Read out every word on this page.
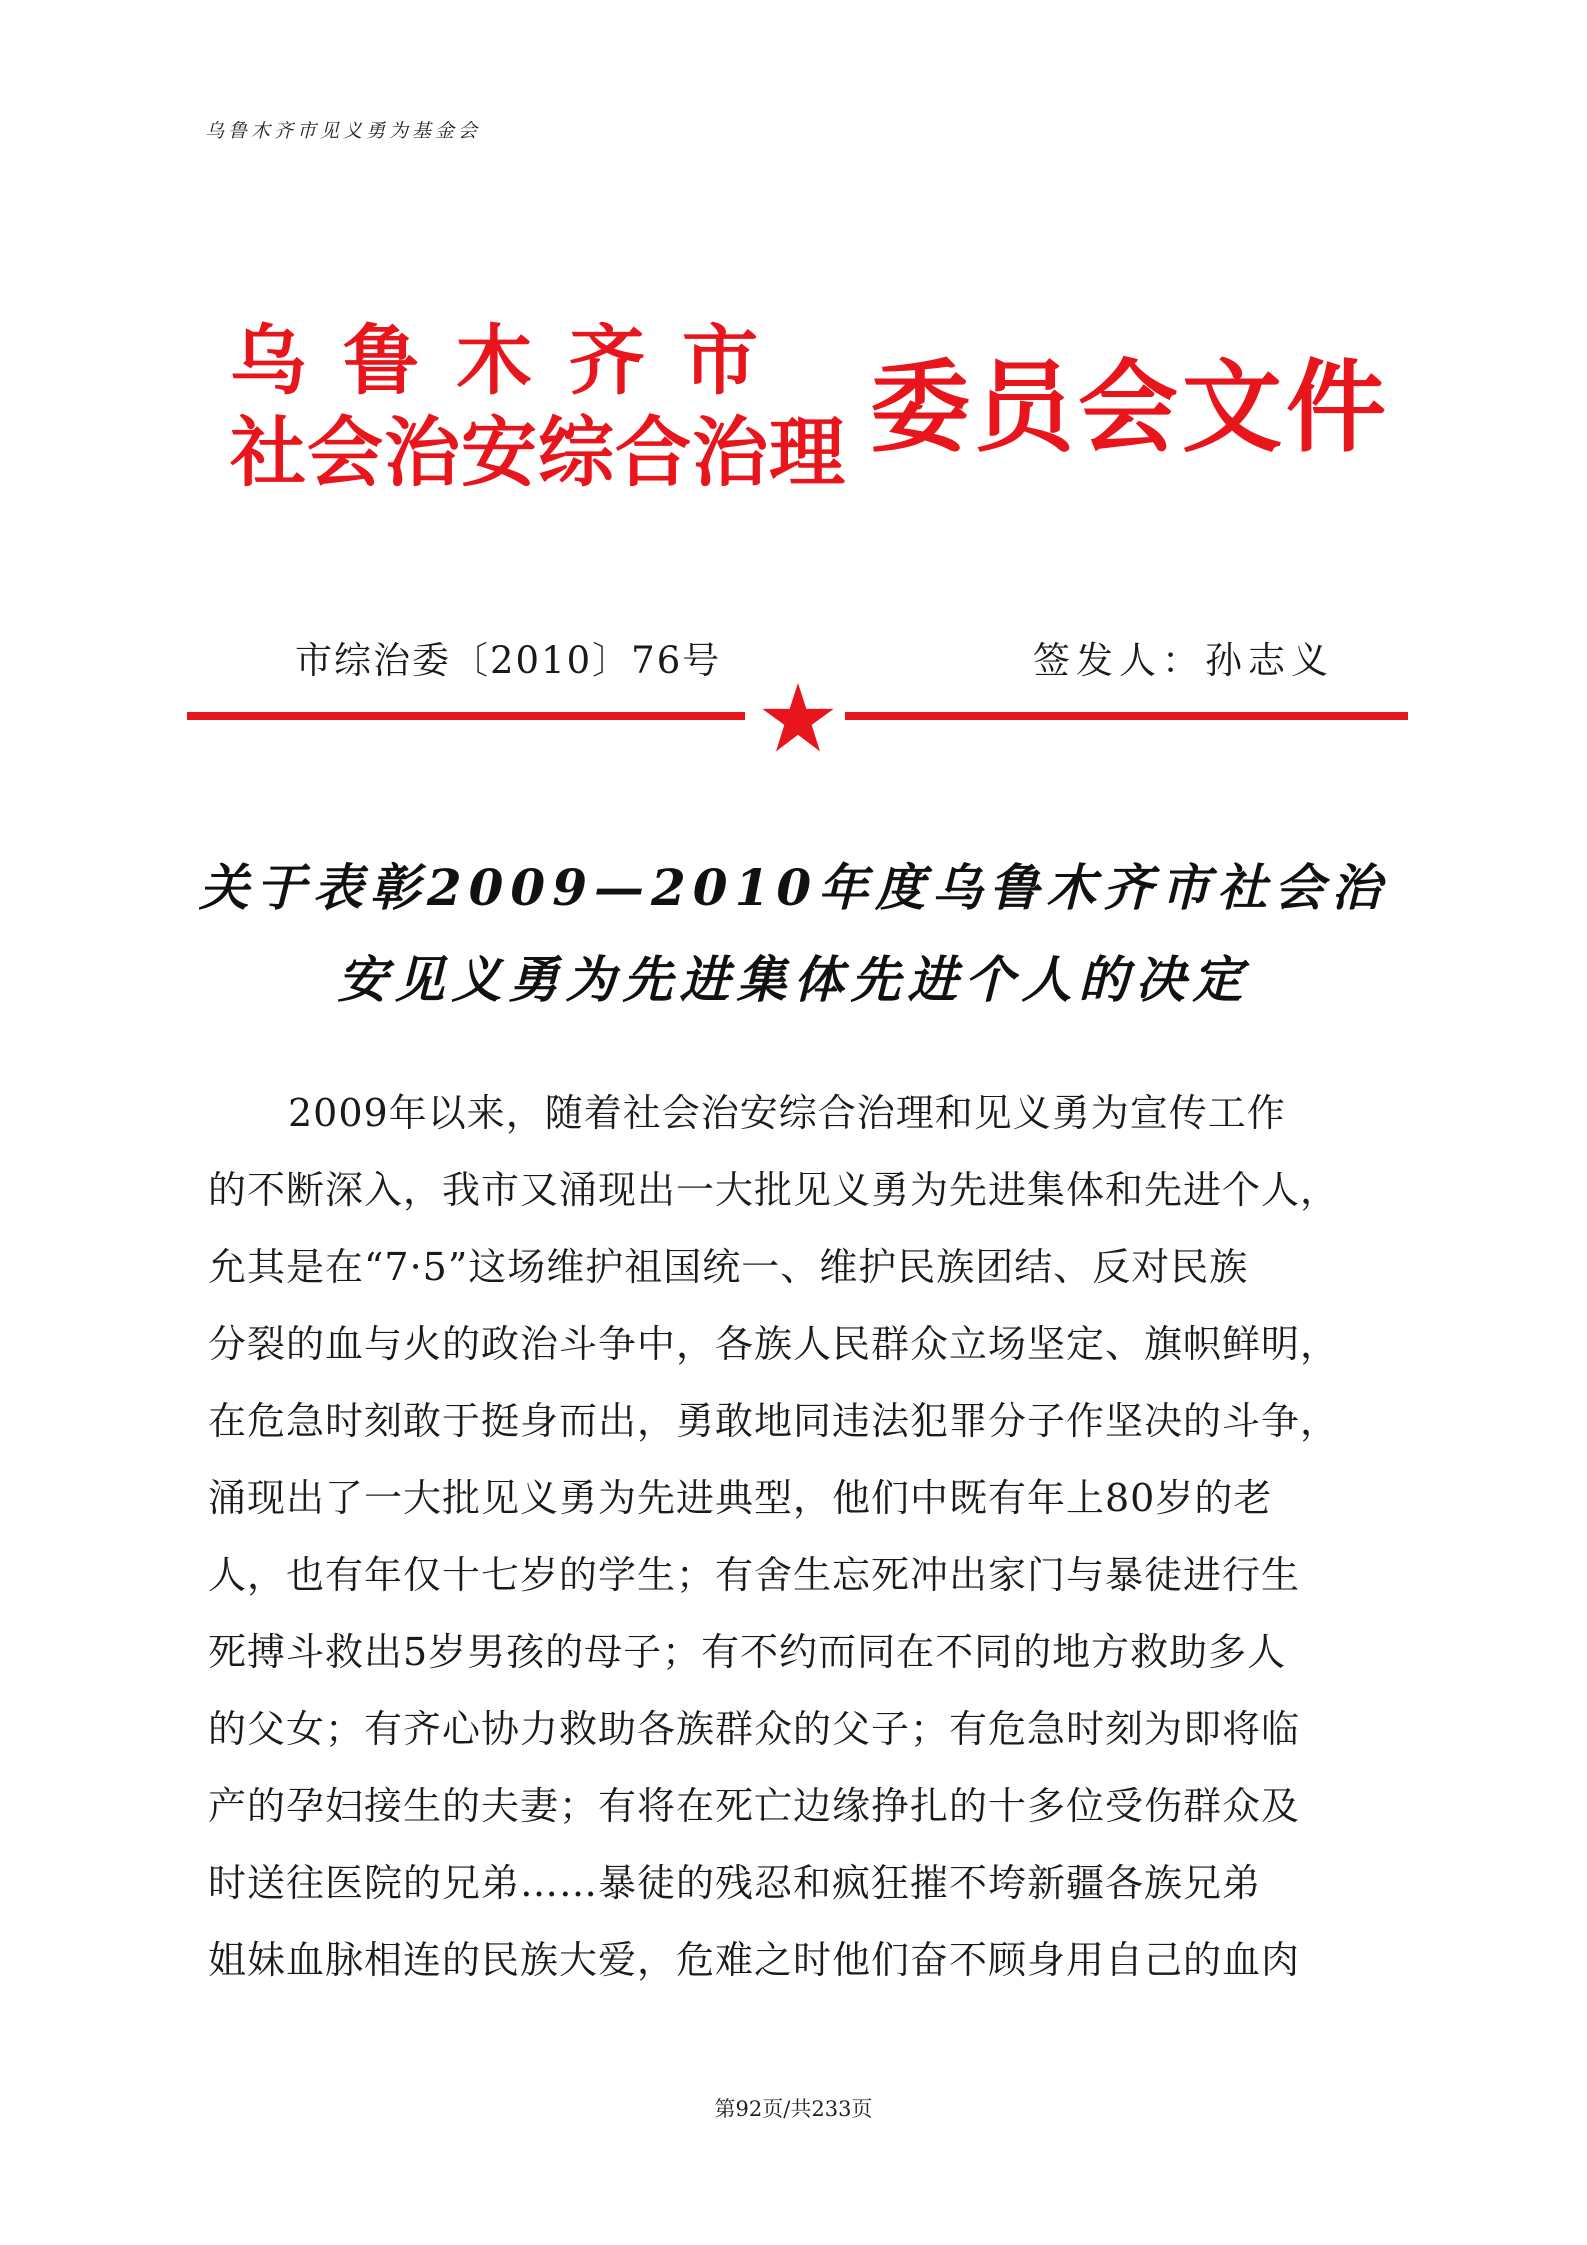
乌鲁木齐市见义勇为基金会
乌鲁木齐市
社会治安综合治理 委员会文件
市综治委〔2010〕76号	签发人：孙志义
关于表彰2009—2010年度乌鲁木齐市社会治
安见义勇为先进集体先进个人的决定
2009年以来，随着社会治安综合治理和见义勇为宣传工作
的不断深入，我市又涌现出一大批见义勇为先进集体和先进个人，
允其是在“7·5”这场维护祖国统一、维护民族团结、反对民族
分裂的血与火的政治斗争中，各族人民群众立场坚定、旗帜鲜明，
在危急时刻敢于挺身而出，勇敢地同违法犯罪分子作坚决的斗争，
涌现出了一大批见义勇为先进典型，他们中既有年上80岁的老
人，也有年仅十七岁的学生；有舍生忘死冲出家门与暴徒进行生
死搏斗救出5岁男孩的母子；有不约而同在不同的地方救助多人
的父女；有齐心协力救助各族群众的父子；有危急时刻为即将临
产的孕妇接生的夫妻；有将在死亡边缘挣扎的十多位受伤群众及
时送往医院的兄弟……暴徒的残忍和疯狂摧不垮新疆各族兄弟
姐妹血脉相连的民族大爱，危难之时他们奋不顾身用自己的血肉
第92页/共233页
